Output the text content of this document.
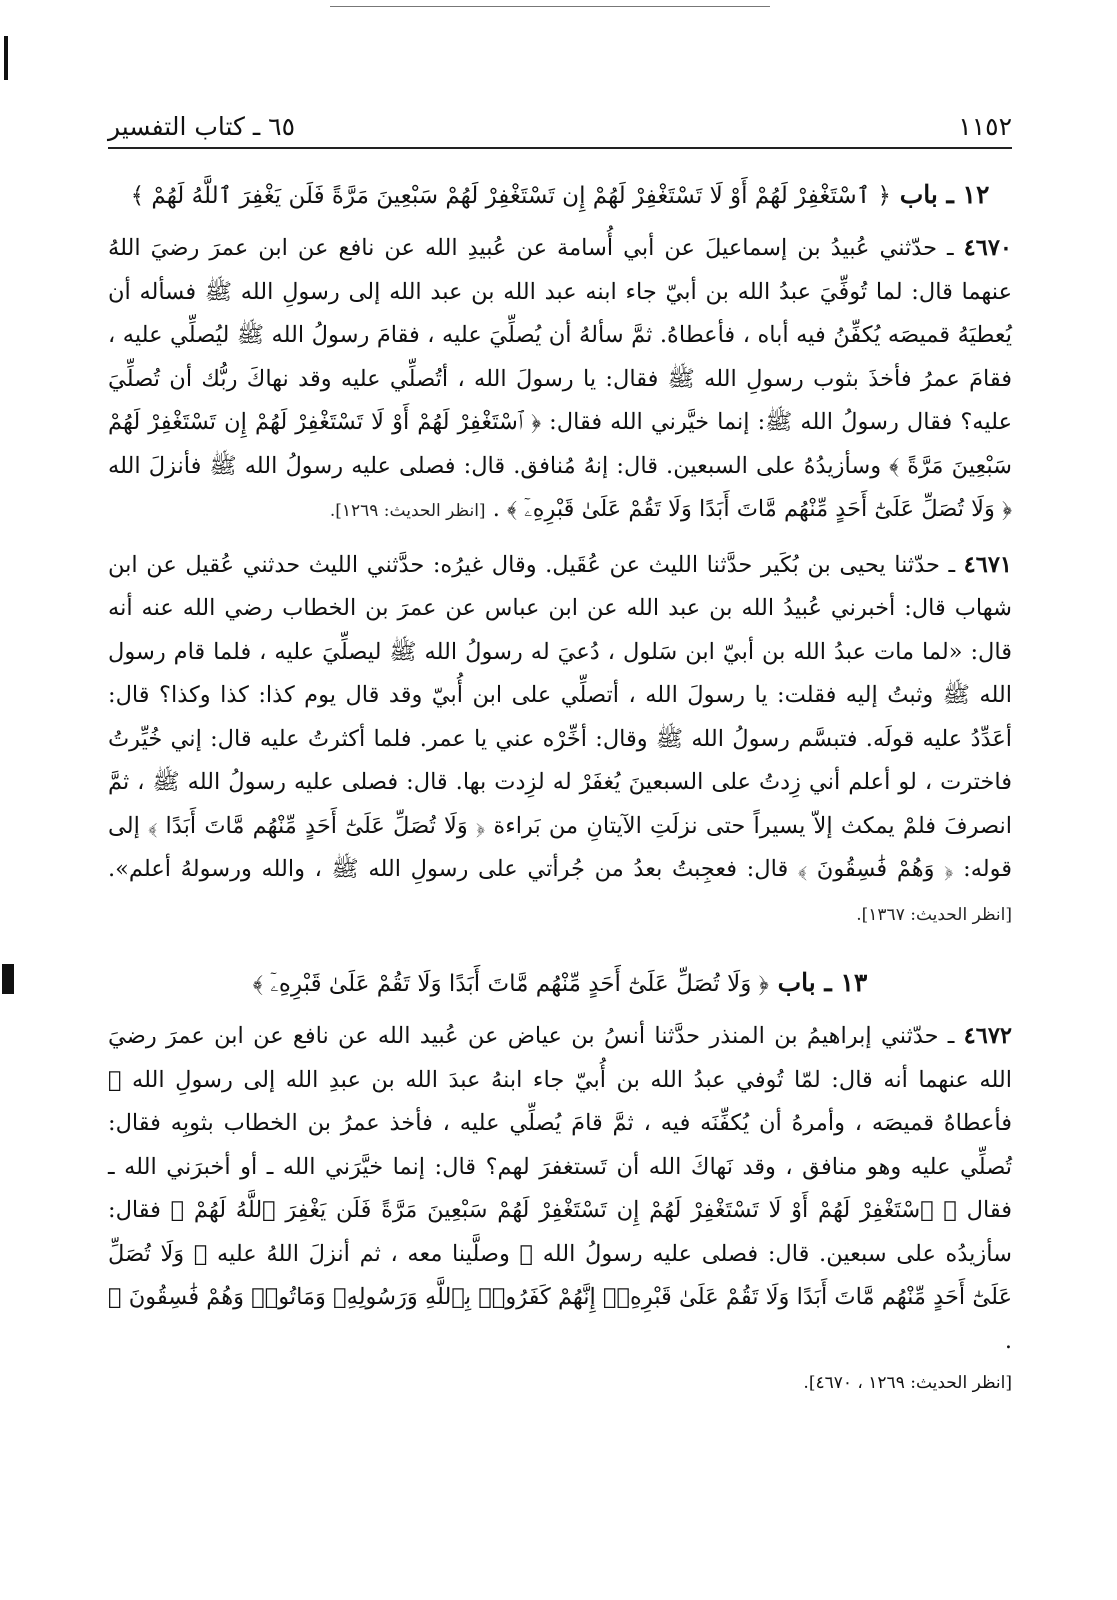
١١٥٢
٦٥ ـ كتاب التفسير
١٢ ـ باب ﴿ ٱسْتَغْفِرْ لَهُمْ أَوْ لَا تَسْتَغْفِرْ لَهُمْ إِن تَسْتَغْفِرْ لَهُمْ سَبْعِينَ مَرَّةً فَلَن يَغْفِرَ ٱللَّهُ لَهُمْ ﴾

٤٦٧٠ ـ حدّثني عُبيدُ بن إسماعيلَ عن أبي أُسامة عن عُبيدِ الله عن نافع عن ابن عمرَ رضيَ اللهُ عنهما قال: لما تُوفِّيَ عبدُ الله بن أبيّ جاء ابنه عبد الله بن عبد الله إلى رسولِ الله ﷺ فسأله أن يُعطيَهُ قميصَه يُكفِّنُ فيه أباه ، فأعطاهُ. ثمَّ سألهُ أن يُصلِّيَ عليه ، فقامَ رسولُ الله ﷺ ليُصلِّي عليه ، فقامَ عمرُ فأخذَ بثوب رسولِ الله ﷺ فقال: يا رسولَ الله ، أتُصلِّي عليه وقد نهاكَ ربُّك أن تُصلِّيَ عليه؟ فقال رسولُ الله ﷺ: إنما خيَّرني الله فقال: ﴿ ٱسْتَغْفِرْ لَهُمْ أَوْ لَا تَسْتَغْفِرْ لَهُمْ إِن تَسْتَغْفِرْ لَهُمْ سَبْعِينَ مَرَّةً ﴾ وسأزيدُهُ على السبعين. قال: إنهُ مُنافق. قال: فصلى عليه رسولُ الله ﷺ فأنزلَ الله ﴿ وَلَا تُصَلِّ عَلَىٰٓ أَحَدٍ مِّنْهُم مَّاتَ أَبَدًا وَلَا تَقُمْ عَلَىٰ قَبْرِهِۦٓ ﴾ . [انظر الحديث: ١٢٦٩].

٤٦٧١ ـ حدّثنا يحيى بن بُكَير حدَّثنا الليث عن عُقَيل. وقال غيرُه: حدَّثني الليث حدثني عُقيل عن ابن شهاب قال: أخبرني عُبيدُ الله بن عبد الله عن ابن عباس عن عمرَ بن الخطاب رضي الله عنه أنه قال: «لما مات عبدُ الله بن أبيّ ابن سَلول ، دُعيَ له رسولُ الله ﷺ ليصلِّيَ عليه ، فلما قام رسول الله ﷺ وثبتُ إليه فقلت: يا رسولَ الله ، أتصلِّي على ابن أُبيّ وقد قال يوم كذا: كذا وكذا؟ قال: أعَدِّدُ عليه قولَه. فتبسَّم رسولُ الله ﷺ وقال: أخِّرْه عني يا عمر. فلما أكثرتُ عليه قال: إني خُيِّرتُ فاخترت ، لو أعلم أني زِدتُ على السبعينَ يُغفَرْ له لزِدت بها. قال: فصلى عليه رسولُ الله ﷺ ، ثمَّ انصرفَ فلمْ يمكث إلاّ يسيراً حتى نزلَتِ الآيتانِ من بَراءة ﴿ وَلَا تُصَلِّ عَلَىٰٓ أَحَدٍ مِّنْهُم مَّاتَ أَبَدًا ﴾ إلى قوله: ﴿ وَهُمْ فَٰسِقُونَ ﴾ قال: فعجِبتُ بعدُ من جُرأتي على رسولِ الله ﷺ ، والله ورسولهُ أعلم». [انظر الحديث: ١٣٦٧].

١٣ ـ باب ﴿ وَلَا تُصَلِّ عَلَىٰٓ أَحَدٍ مِّنْهُم مَّاتَ أَبَدًا وَلَا تَقُمْ عَلَىٰ قَبْرِهِۦٓ ﴾

٤٦٧٢ ـ حدّثني إبراهيمُ بن المنذر حدَّثنا أنسُ بن عياض عن عُبيد الله عن نافع عن ابن عمرَ رضيَ الله عنهما أنه قال: لمّا تُوفي عبدُ الله بن أُبيّ جاء ابنهُ عبدَ الله بن عبدِ الله إلى رسولِ الله ﷺ فأعطاهُ قميصَه ، وأمرهُ أن يُكفِّنَه فيه ، ثمَّ قامَ يُصلِّي عليه ، فأخذ عمرُ بن الخطاب بثوبِه فقال: تُصلِّي عليه وهو منافق ، وقد نَهاكَ الله أن تَستغفرَ لهم؟ قال: إنما خيَّرَني الله ـ أو أخبرَني الله ـ فقال ﴿ ٱسْتَغْفِرْ لَهُمْ أَوْ لَا تَسْتَغْفِرْ لَهُمْ إِن تَسْتَغْفِرْ لَهُمْ سَبْعِينَ مَرَّةً فَلَن يَغْفِرَ ٱللَّهُ لَهُمْ ﴾ فقال: سأزيدُه على سبعين. قال: فصلى عليه رسولُ الله ﷺ وصلَّينا معه ، ثم أنزلَ اللهُ عليه ﴿ وَلَا تُصَلِّ عَلَىٰٓ أَحَدٍ مِّنْهُم مَّاتَ أَبَدًا وَلَا تَقُمْ عَلَىٰ قَبْرِهِۦٓ إِنَّهُمْ كَفَرُوا۟ بِٱللَّهِ وَرَسُولِهِۦ وَمَاتُوا۟ وَهُمْ فَٰسِقُونَ ﴾ .

[انظر الحديث: ١٢٦٩ ، ٤٦٧٠].
